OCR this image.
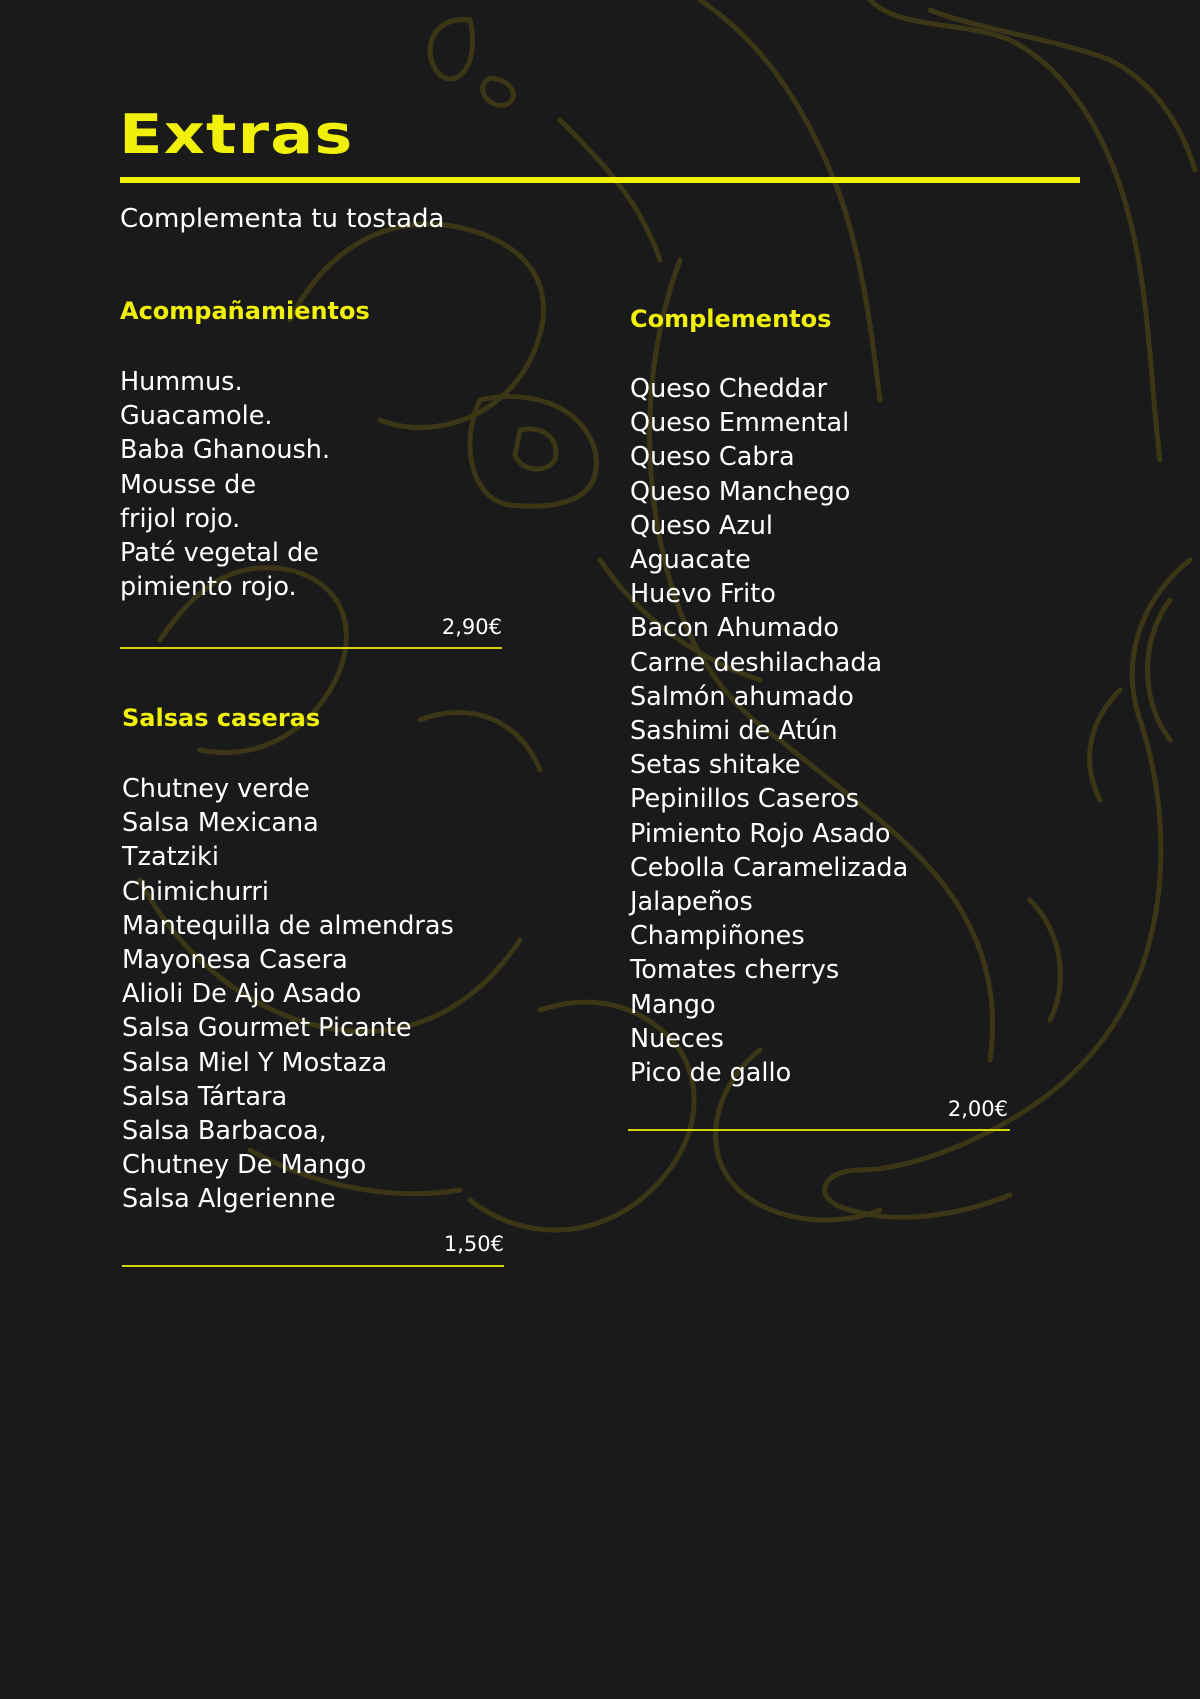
Extras
Complementa tu tostada
Acompañamientos
Hummus.
Guacamole.
Baba Ghanoush.
Mousse de
frijol rojo.
Paté vegetal de
pimiento rojo.
2,90€
Salsas caseras
Chutney verde
Salsa Mexicana
Tzatziki
Chimichurri
Mantequilla de almendras
Mayonesa Casera
Alioli De Ajo Asado
Salsa Gourmet Picante
Salsa Miel Y Mostaza
Salsa Tártara
Salsa Barbacoa,
Chutney De Mango
Salsa Algerienne
1,50€
Complementos
Queso Cheddar
Queso Emmental
Queso Cabra
Queso Manchego
Queso Azul
Aguacate
Huevo Frito
Bacon Ahumado
Carne deshilachada
Salmón ahumado
Sashimi de Atún
Setas shitake
Pepinillos Caseros
Pimiento Rojo Asado
Cebolla Caramelizada
Jalapeños
Champiñones
Tomates cherrys
Mango
Nueces
Pico de gallo
2,00€
